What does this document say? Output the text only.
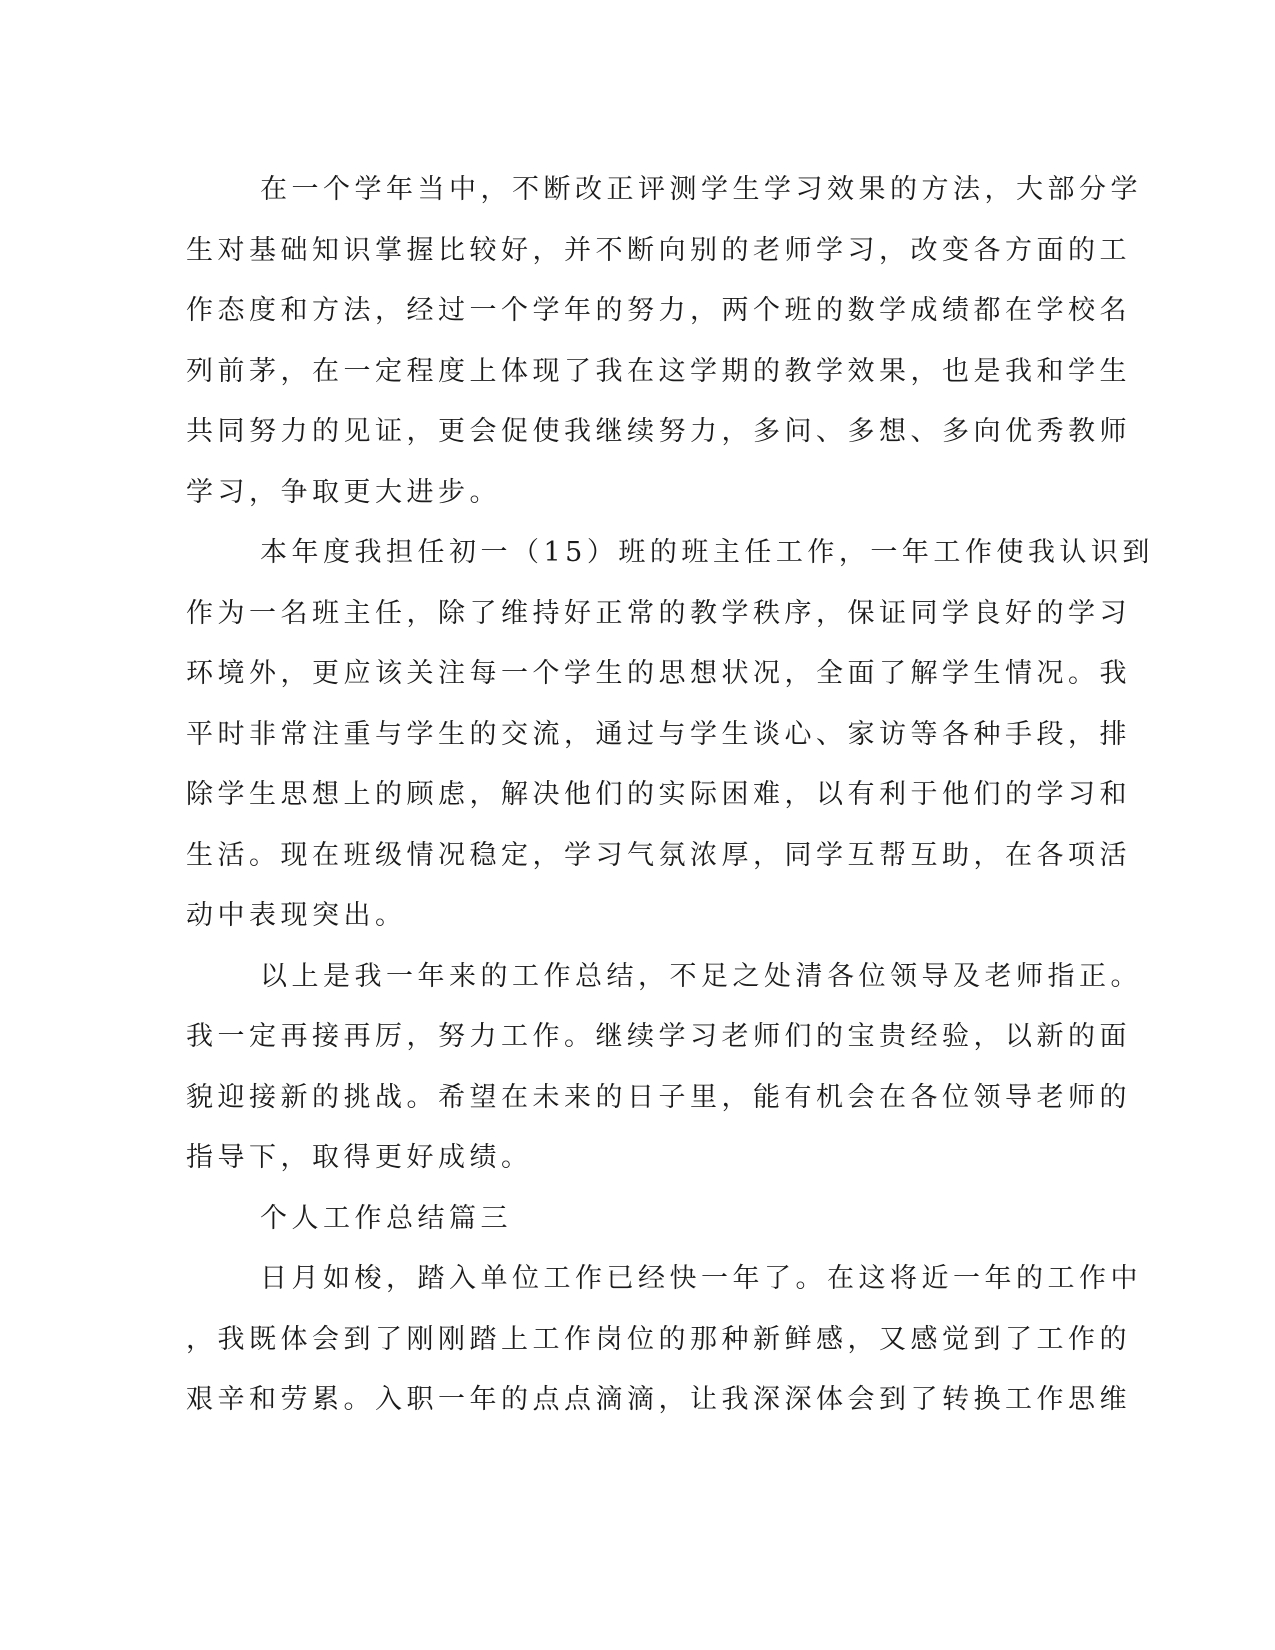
在一个学年当中，不断改正评测学生学习效果的方法，大部分学
生对基础知识掌握比较好，并不断向别的老师学习，改变各方面的工
作态度和方法，经过一个学年的努力，两个班的数学成绩都在学校名
列前茅，在一定程度上体现了我在这学期的教学效果，也是我和学生
共同努力的见证，更会促使我继续努力，多问、多想、多向优秀教师
学习，争取更大进步。
本年度我担任初一（15）班的班主任工作，一年工作使我认识到
作为一名班主任，除了维持好正常的教学秩序，保证同学良好的学习
环境外，更应该关注每一个学生的思想状况，全面了解学生情况。我
平时非常注重与学生的交流，通过与学生谈心、家访等各种手段，排
除学生思想上的顾虑，解决他们的实际困难，以有利于他们的学习和
生活。现在班级情况稳定，学习气氛浓厚，同学互帮互助，在各项活
动中表现突出。
以上是我一年来的工作总结，不足之处清各位领导及老师指正。
我一定再接再厉，努力工作。继续学习老师们的宝贵经验，以新的面
貌迎接新的挑战。希望在未来的日子里，能有机会在各位领导老师的
指导下，取得更好成绩。
个人工作总结篇三
日月如梭，踏入单位工作已经快一年了。在这将近一年的工作中
，我既体会到了刚刚踏上工作岗位的那种新鲜感，又感觉到了工作的
艰辛和劳累。入职一年的点点滴滴，让我深深体会到了转换工作思维
